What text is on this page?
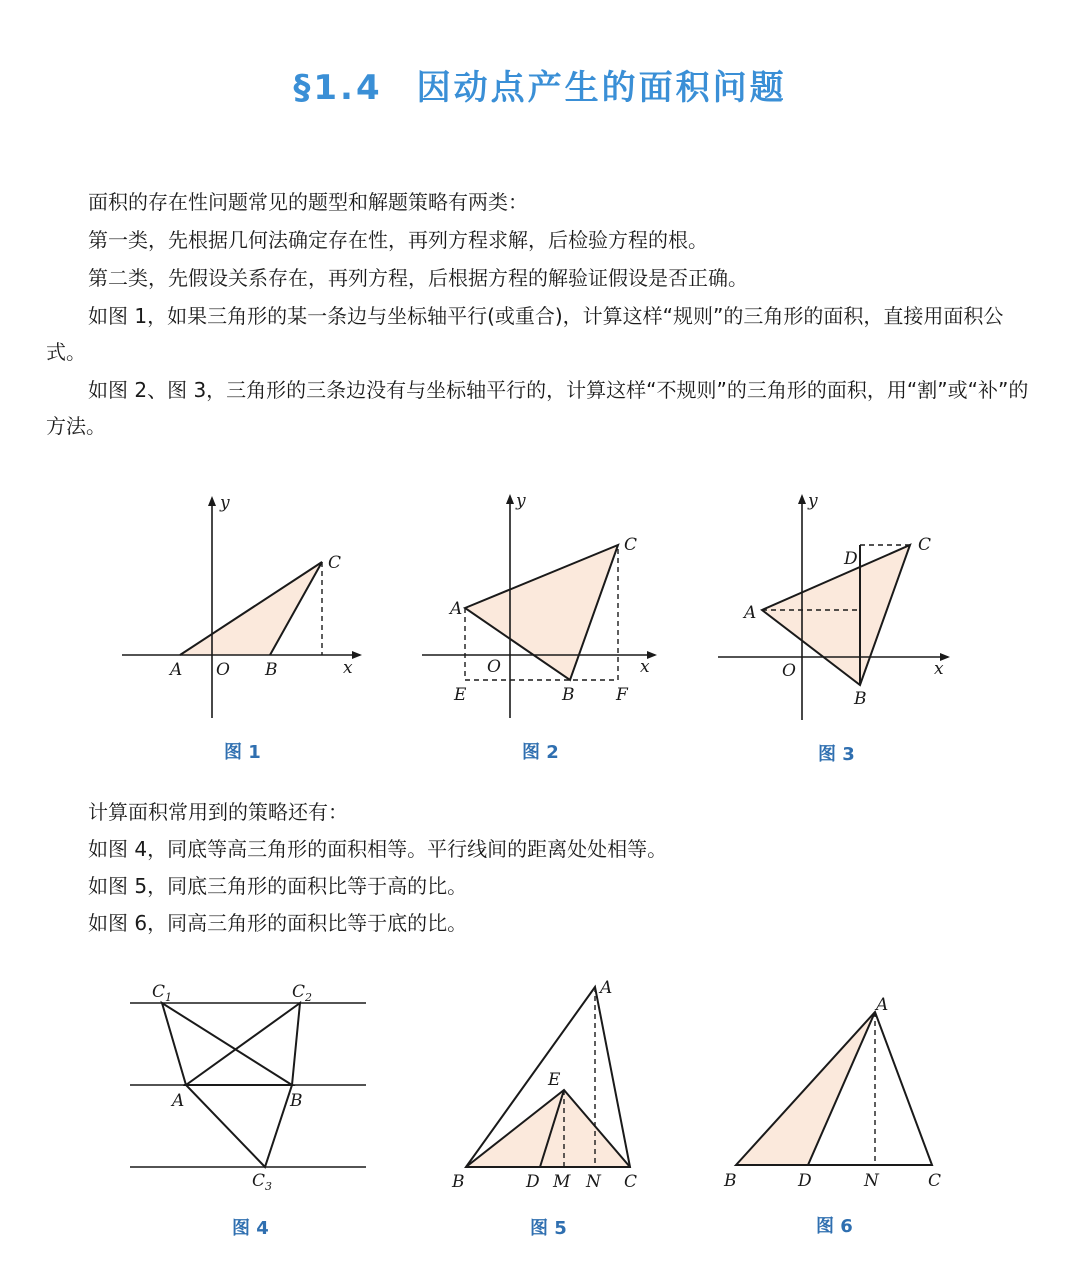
§1.4 因动点产生的面积问题
面积的存在性问题常见的题型和解题策略有两类：
第一类，先根据几何法确定存在性，再列方程求解，后检验方程的根。
第二类，先假设关系存在，再列方程，后根据方程的解验证假设是否正确。
如图 1，如果三角形的某一条边与坐标轴平行(或重合)，计算这样“规则”的三角形的面积，直接用面积公式。
如图 2、图 3，三角形的三条边没有与坐标轴平行的，计算这样“不规则”的三角形的面积，用“割”或“补”的方法。
A O B
C
x
y
图 1
A
C
O
E	B F
x
y
图 2
A
D
C
O
B
x
y
图 3
计算面积常用到的策略还有：
如图 4，同底等高三角形的面积相等。平行线间的距离处处相等。
如图 5，同底三角形的面积比等于高的比。
如图 6，同高三角形的面积比等于底的比。
$C_1$	$C_2$
A	B
$C_3$
图 4
A
E
B	D M N C
图 5
A
B	D	N	C
图 6
